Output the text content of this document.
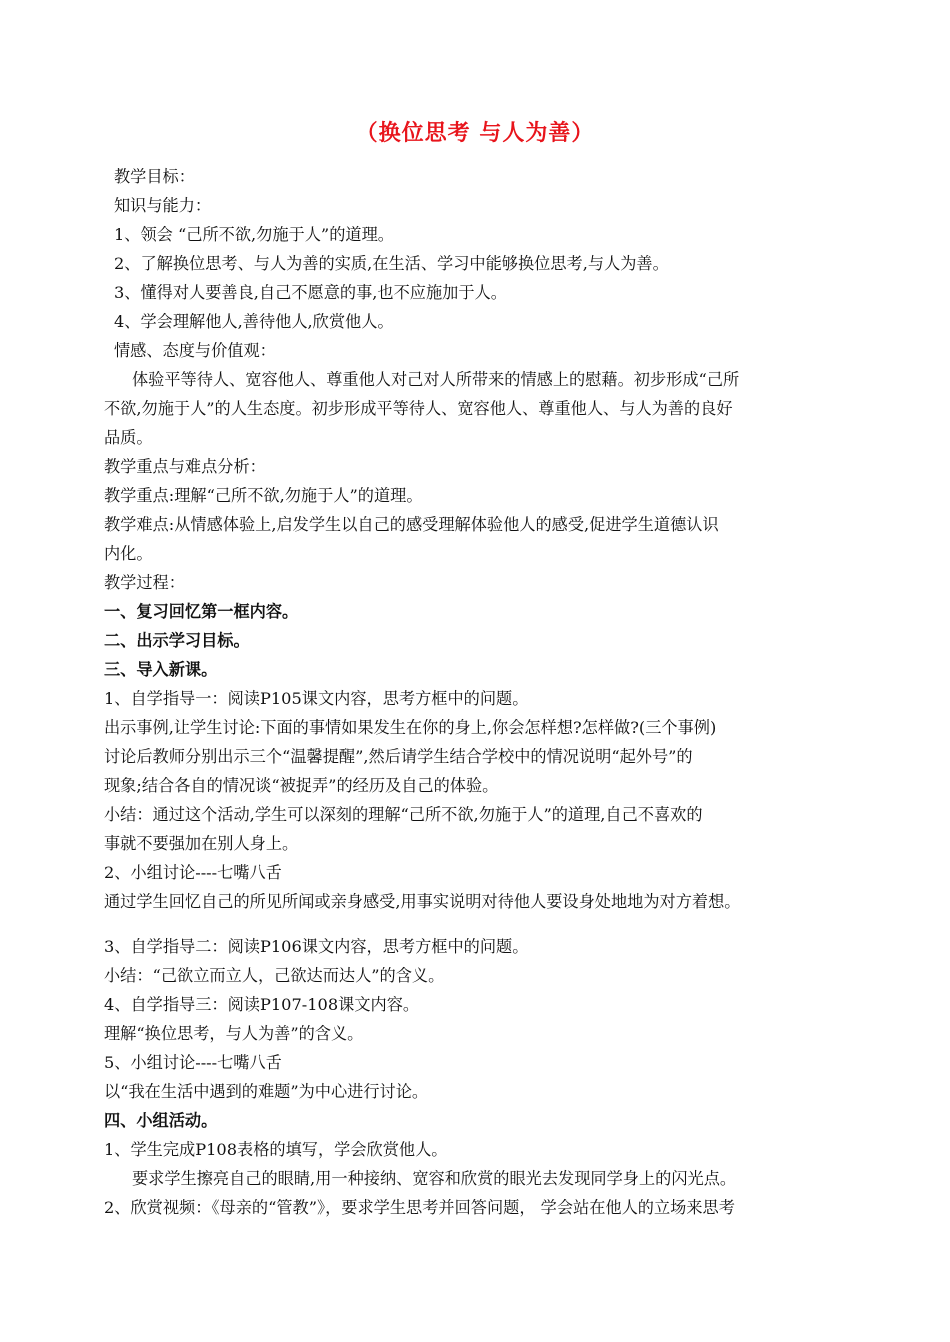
（换位思考 与人为善）
教学目标：
知识与能力：
1、领会 “己所不欲,勿施于人”的道理。
2、了解换位思考、与人为善的实质,在生活、学习中能够换位思考,与人为善。
3、懂得对人要善良,自己不愿意的事,也不应施加于人。
4、学会理解他人,善待他人,欣赏他人。
情感、态度与价值观：
体验平等待人、宽容他人、尊重他人对己对人所带来的情感上的慰藉。初步形成“己所
不欲,勿施于人”的人生态度。初步形成平等待人、宽容他人、尊重他人、与人为善的良好
品质。
教学重点与难点分析：
教学重点:理解“己所不欲,勿施于人”的道理。
教学难点:从情感体验上,启发学生以自己的感受理解体验他人的感受,促进学生道德认识
内化。
教学过程：
一、复习回忆第一框内容。
二、出示学习目标。
三、导入新课。
1、自学指导一：阅读P105课文内容，思考方框中的问题。
出示事例,让学生讨论:下面的事情如果发生在你的身上,你会怎样想?怎样做?(三个事例)
讨论后教师分别出示三个“温馨提醒”,然后请学生结合学校中的情况说明“起外号”的
现象;结合各自的情况谈“被捉弄”的经历及自己的体验。
小结：通过这个活动,学生可以深刻的理解“己所不欲,勿施于人”的道理,自己不喜欢的
事就不要强加在别人身上。
2、小组讨论----七嘴八舌
通过学生回忆自己的所见所闻或亲身感受,用事实说明对待他人要设身处地地为对方着想。
3、自学指导二：阅读P106课文内容，思考方框中的问题。
小结：“己欲立而立人，己欲达而达人”的含义。
4、自学指导三：阅读P107-108课文内容。
理解“换位思考，与人为善”的含义。
5、小组讨论----七嘴八舌
以“我在生活中遇到的难题”为中心进行讨论。
四、小组活动。
1、学生完成P108表格的填写，学会欣赏他人。
要求学生擦亮自己的眼睛,用一种接纳、宽容和欣赏的眼光去发现同学身上的闪光点。
2、欣赏视频：《母亲的“管教”》，要求学生思考并回答问题， 学会站在他人的立场来思考
